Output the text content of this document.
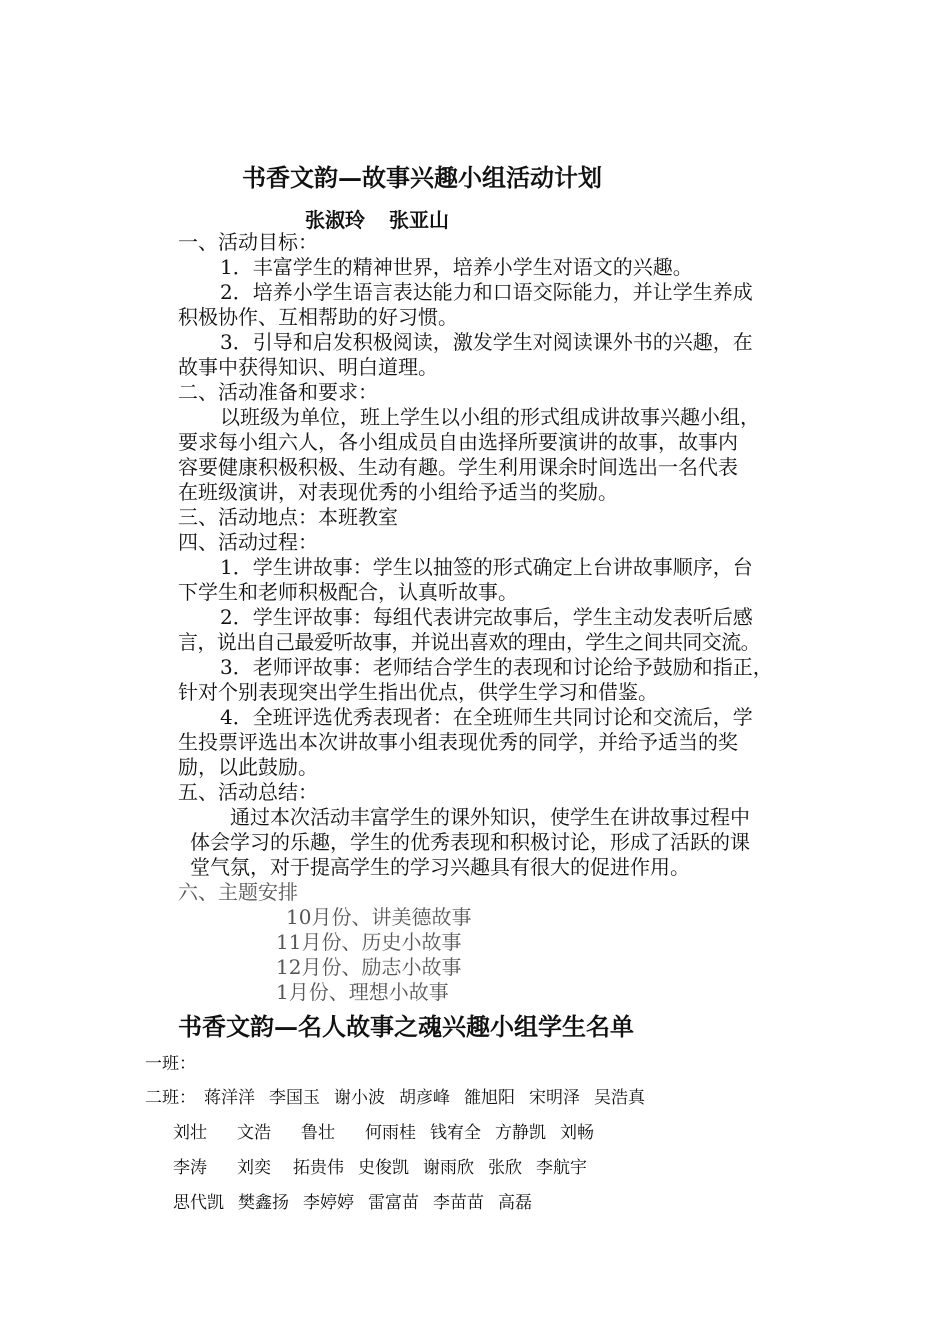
书香文韵—故事兴趣小组活动计划
张淑玲 张亚山

一、活动目标：

1．丰富学生的精神世界，培养小学生对语文的兴趣。

2．培养小学生语言表达能力和口语交际能力，并让学生养成

积极协作、互相帮助的好习惯。

3．引导和启发积极阅读，激发学生对阅读课外书的兴趣，在

故事中获得知识、明白道理。

二、活动准备和要求：

以班级为单位，班上学生以小组的形式组成讲故事兴趣小组，

要求每小组六人，各小组成员自由选择所要演讲的故事，故事内

容要健康积极积极、生动有趣。学生利用课余时间选出一名代表

在班级演讲，对表现优秀的小组给予适当的奖励。

三、活动地点：本班教室

四、活动过程：

1．学生讲故事：学生以抽签的形式确定上台讲故事顺序，台

下学生和老师积极配合，认真听故事。

2．学生评故事：每组代表讲完故事后，学生主动发表听后感

言，说出自己最爱听故事，并说出喜欢的理由，学生之间共同交流。

3．老师评故事：老师结合学生的表现和讨论给予鼓励和指正，

针对个别表现突出学生指出优点，供学生学习和借鉴。

4．全班评选优秀表现者：在全班师生共同讨论和交流后，学

生投票评选出本次讲故事小组表现优秀的同学，并给予适当的奖

励，以此鼓励。

五、活动总结：

通过本次活动丰富学生的课外知识，使学生在讲故事过程中

体会学习的乐趣，学生的优秀表现和积极讨论，形成了活跃的课

堂气氛，对于提高学生的学习兴趣具有很大的促进作用。

六、主题安排

10月份、讲美德故事

11月份、历史小故事

12月份、励志小故事

1月份、理想小故事

书香文韵—名人故事之魂兴趣小组学生名单
一班：
二班： 蒋洋洋 李国玉 谢小波 胡彦峰 雒旭阳 宋明泽 吴浩真
刘壮 文浩 鲁壮 何雨桂 钱宥全 方静凯 刘畅
李涛 刘奕 拓贵伟 史俊凯 谢雨欣 张欣 李航宇
思代凯 樊鑫扬 李婷婷 雷富苗 李苗苗 高磊
